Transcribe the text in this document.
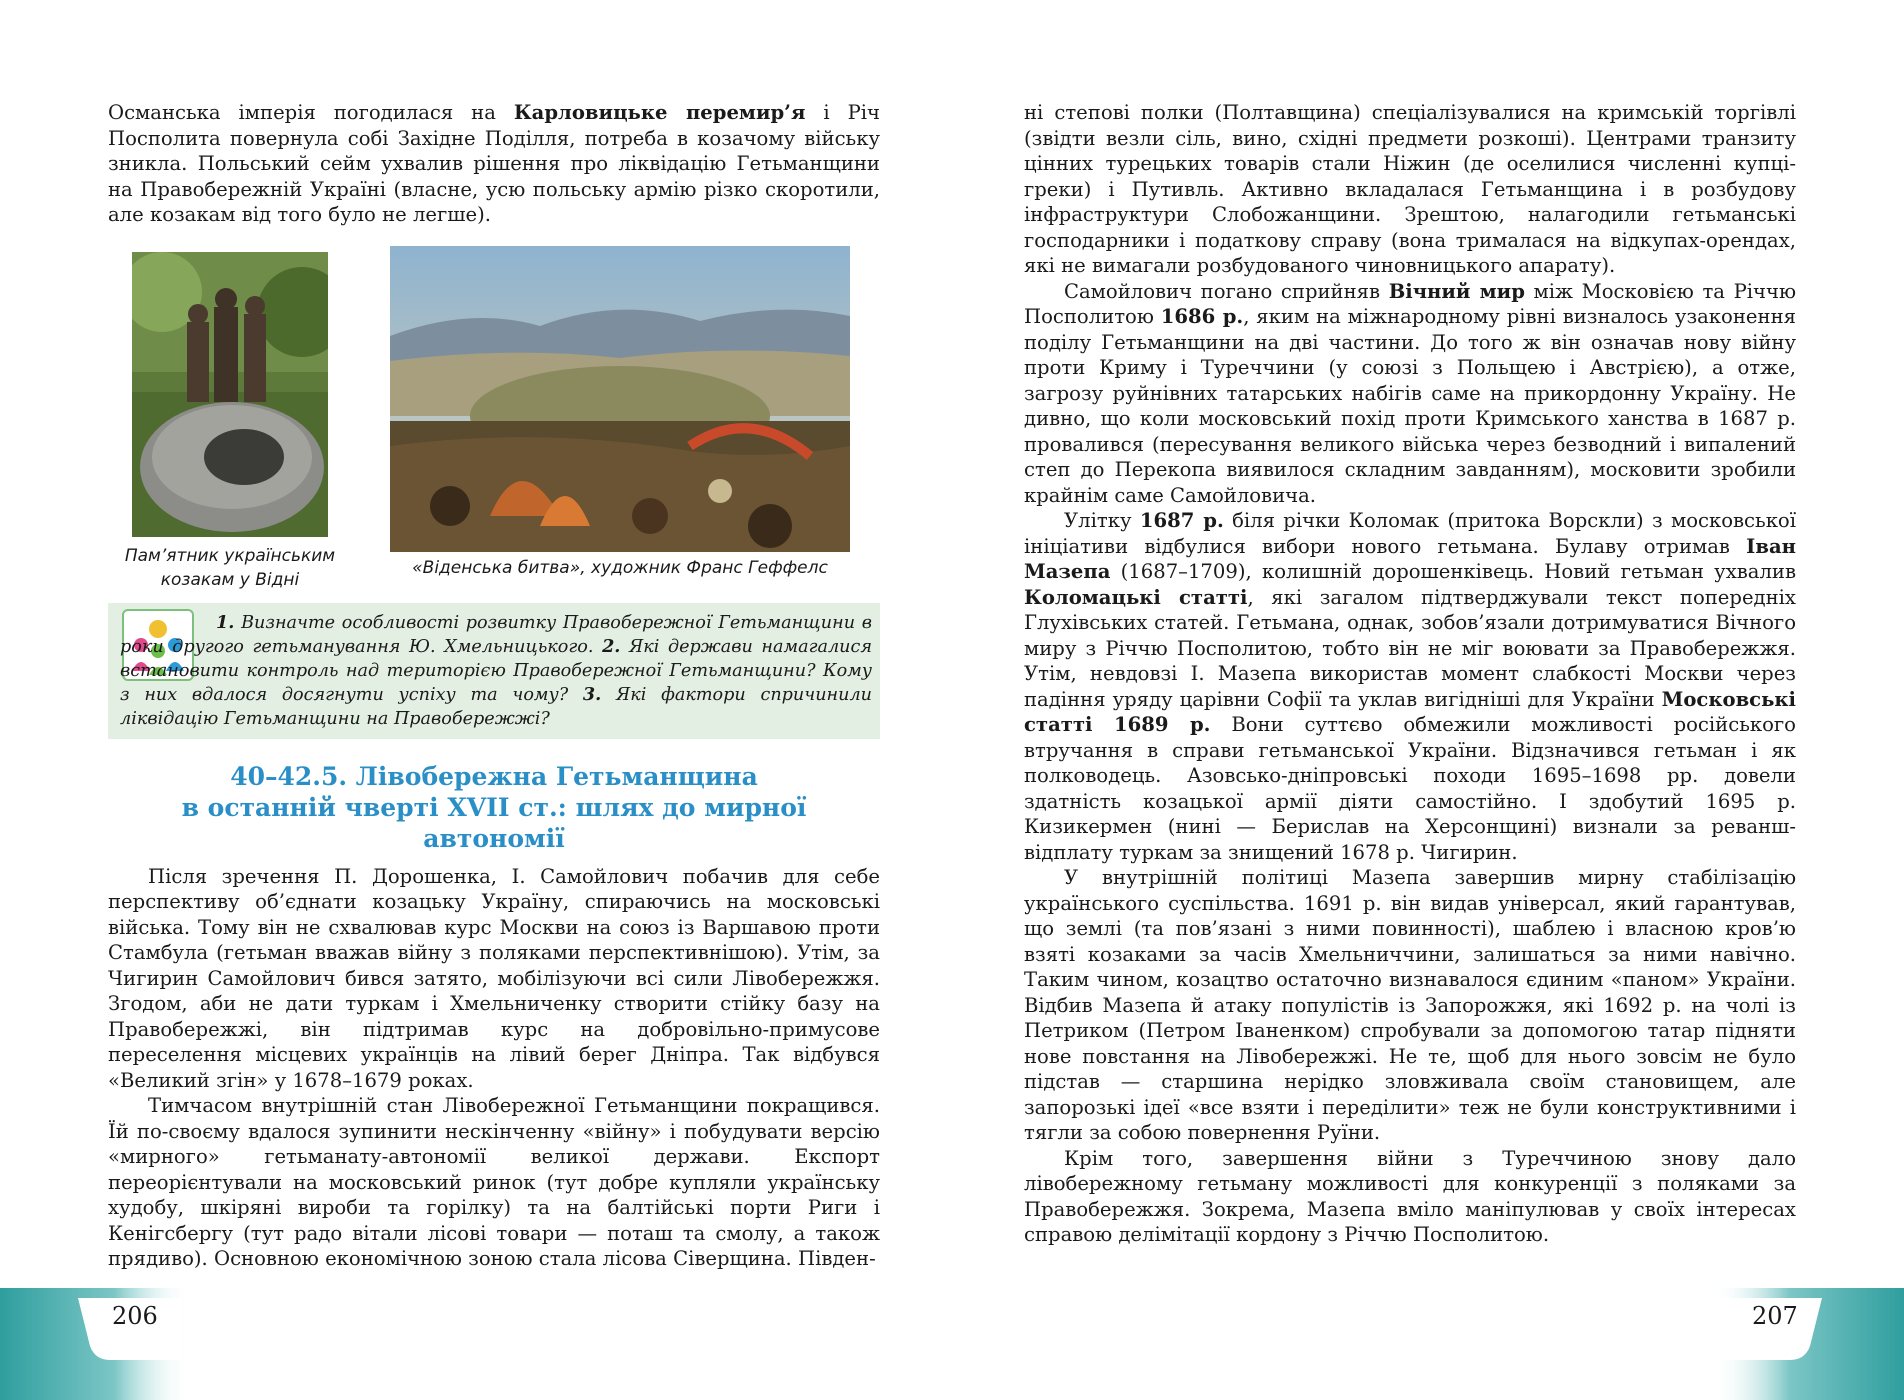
Османська імперія погодилася на Карловицьке перемир’я і Річ Посполита повернула собі Західне Поділля, потреба в козачому війську зникла. Польський сейм ухвалив рішення про ліквідацію Гетьманщини на Правобережній Україні (власне, усю польську армію різко скоротили, але козакам від того було не легше).

Пам’ятник українським козакам у Відні
«Віденська битва», художник Франс Геффелс
1. Визначте особливості розвитку Правобережної Гетьманщини в роки другого гетьманування Ю. Хмельницького. 2. Які держави намагалися встановити контроль над територією Правобережної Гетьманщини? Кому з них вдалося досягнути успіху та чому? 3. Які фактори спричинили ліквідацію Гетьманщини на Правобережжі?
40–42.5. Лівобережна Гетьманщина
в останній чверті XVII ст.: шлях до мирної автономії

Після зречення П. Дорошенка, І. Самойлович побачив для себе перспективу об’єднати козацьку Україну, спираючись на московські війська. Тому він не схвалював курс Москви на союз із Варшавою проти Стамбула (гетьман вважав війну з поляками перспективнішою). Утім, за Чигирин Самойлович бився затято, мобілізуючи всі сили Лівобережжя. Згодом, аби не дати туркам і Хмельниченку створити стійку базу на Правобережжі, він підтримав курс на добровільно-примусове переселення місцевих українців на лівий берег Дніпра. Так відбувся «Великий згін» у 1678–1679 роках.

Тимчасом внутрішній стан Лівобережної Гетьманщини покращився. Їй по-своєму вдалося зупинити нескінченну «війну» і побудувати версію «мирного» гетьманату-автономії великої держави. Експорт переорієнтували на московський ринок (тут добре купляли українську худобу, шкіряні вироби та горілку) та на балтійські порти Риги і Кенігсбергу (тут радо вітали лісові товари — поташ та смолу, а також прядиво). Основною економічною зоною стала лісова Сіверщина. Півден-

ні степові полки (Полтавщина) спеціалізувалися на кримській торгівлі (звідти везли сіль, вино, східні предмети розкоші). Центрами транзиту цінних турецьких товарів стали Ніжин (де оселилися численні купці-греки) і Путивль. Активно вкладалася Гетьманщина і в розбудову інфраструктури Слобожанщини. Зрештою, налагодили гетьманські господарники і податкову справу (вона трималася на відкупах-орендах, які не вимагали розбудованого чиновницького апарату).

Самойлович погано сприйняв Вічний мир між Московією та Річчю Посполитою 1686 р., яким на міжнародному рівні визналось узаконення поділу Гетьманщини на дві частини. До того ж він означав нову війну проти Криму і Туреччини (у союзі з Польщею і Австрією), а отже, загрозу руйнівних татарських набігів саме на прикордонну Україну. Не дивно, що коли московський похід проти Кримського ханства в 1687 р. провалився (пересування великого війська через безводний і випалений степ до Перекопа виявилося складним завданням), московити зробили крайнім саме Самойловича.

Улітку 1687 р. біля річки Коломак (притока Ворскли) з московської ініціативи відбулися вибори нового гетьмана. Булаву отримав Іван Мазепа (1687–1709), колишній дорошенківець. Новий гетьман ухвалив Коломацькі статті, які загалом підтверджували текст попередніх Глухівських статей. Гетьмана, однак, зобов’язали дотримуватися Вічного миру з Річчю Посполитою, тобто він не міг воювати за Правобережжя. Утім, невдовзі І. Мазепа використав момент слабкості Москви через падіння уряду царівни Софії та уклав вигідніші для України Московські статті 1689 р. Вони суттєво обмежили можливості російського втручання в справи гетьманської України. Відзначився гетьман і як полководець. Азовсько-дніпровські походи 1695–1698 рр. довели здатність козацької армії діяти самостійно. І здобутий 1695 р. Кизикермен (нині — Берислав на Херсонщині) визнали за реванш-відплату туркам за знищений 1678 р. Чигирин.

У внутрішній політиці Мазепа завершив мирну стабілізацію українського суспільства. 1691 р. він видав універсал, який гарантував, що землі (та пов’язані з ними повинності), шаблею і власною кров’ю взяті козаками за часів Хмельниччини, залишаться за ними навічно. Таким чином, козацтво остаточно визнавалося єдиним «паном» України. Відбив Мазепа й атаку популістів із Запорожжя, які 1692 р. на чолі із Петриком (Петром Іваненком) спробували за допомогою татар підняти нове повстання на Лівобережжі. Не те, щоб для нього зовсім не було підстав — старшина нерідко зловживала своїм становищем, але запорозькі ідеї «все взяти і переділити» теж не були конструктивними і тягли за собою повернення Руїни.

Крім того, завершення війни з Туреччиною знову дало лівобережному гетьману можливості для конкуренції з поляками за Правобережжя. Зокрема, Мазепа вміло маніпулював у своїх інтересах справою делімітації кордону з Річчю Посполитою.

206	207
